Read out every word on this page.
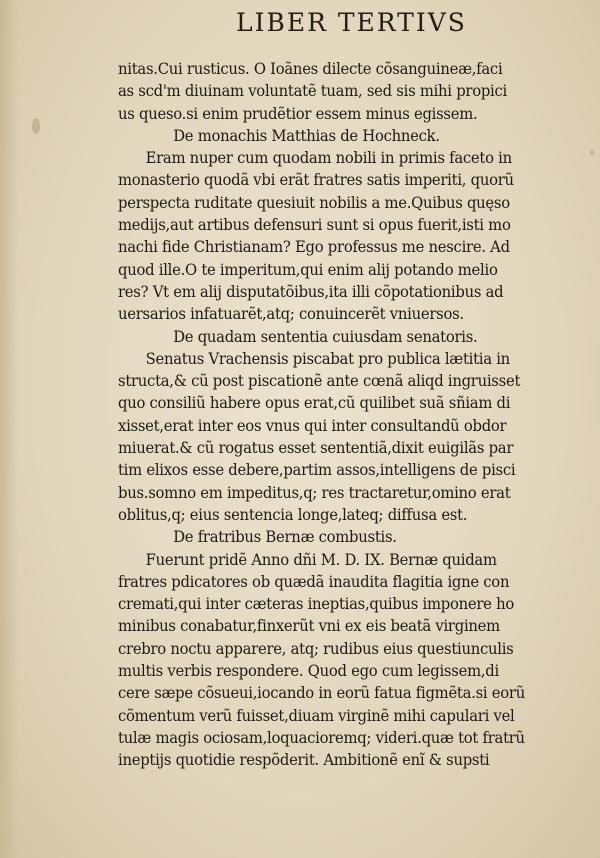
LIBER TERTIVS
nitas.Cui rusticus. O Ioãnes dilecte cõsanguineæ,faci
as scd'm diuinam voluntatẽ tuam, sed sis mihi propici
us queso.si enim prudẽtior essem minus egissem.
De monachis Matthias de Hochneck.
Eram nuper cum quodam nobili in primis faceto in
monasterio quodã vbi erãt fratres satis imperiti, quorũ
perspecta ruditate quesiuit nobilis a me.Quibus quęso
medijs,aut artibus defensuri sunt si opus fuerit,isti mo
nachi fide Christianam? Ego professus me nescire. Ad
quod ille.O te imperitum,qui enim alij potando melio
res? Vt em alij disputatõibus,ita illi cõpotationibus ad
uersarios infatuarẽt,atq; conuincerẽt vniuersos.
De quadam sententia cuiusdam senatoris.
Senatus Vrachensis piscabat pro publica lætitia in
structa,& cũ post piscationẽ ante cœnã aliqd ingruisset
quo consiliũ habere opus erat,cũ quilibet suã sñiam di
xisset,erat inter eos vnus qui inter consultandũ obdor
miuerat.& cũ rogatus esset sententiã,dixit euigilãs par
tim elixos esse debere,partim assos,intelligens de pisci
bus.somno em impeditus,q; res tractaretur,omino erat
oblitus,q; eius sentencia longe,lateq; diffusa est.
De fratribus Bernæ combustis.
Fuerunt pridẽ Anno dñi M. D. IX. Bernæ quidam
fratres pdicatores ob quædã inaudita flagitia igne con
cremati,qui inter cæteras ineptias,quibus imponere ho
minibus conabatur,finxerũt vni ex eis beatã virginem
crebro noctu apparere, atq; rudibus eius questiunculis
multis verbis respondere. Quod ego cum legissem,di
cere sæpe cõsueui,iocando in eorũ fatua figmẽta.si eorũ
cõmentum verũ fuisset,diuam virginẽ mihi capulari vel
tulæ magis ociosam,loquacioremq; videri.quæ tot fratrũ
ineptijs quotidie respõderit. Ambitionẽ enĩ & supsti
